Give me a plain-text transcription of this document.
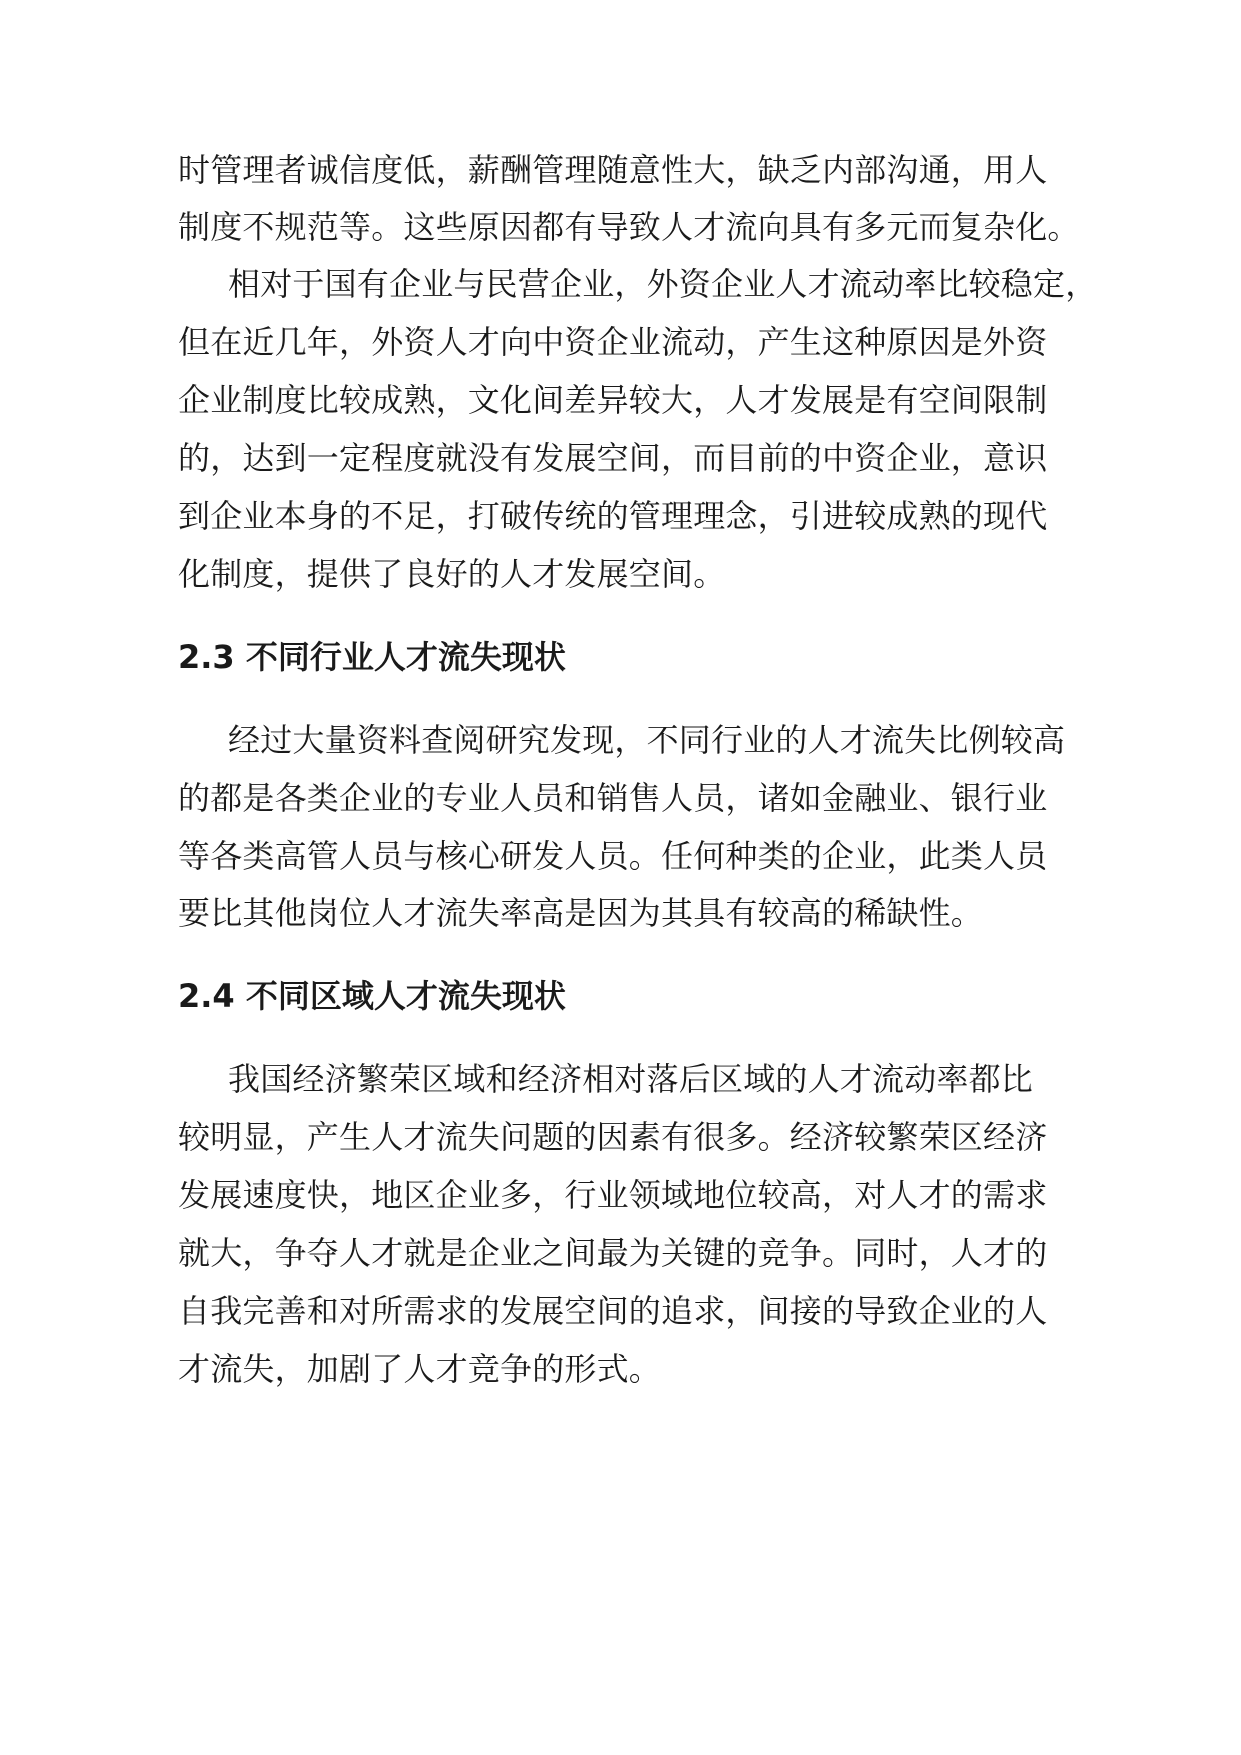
时管理者诚信度低，薪酬管理随意性大，缺乏内部沟通，用人
制度不规范等。这些原因都有导致人才流向具有多元而复杂化。
相对于国有企业与民营企业，外资企业人才流动率比较稳定，
但在近几年，外资人才向中资企业流动，产生这种原因是外资
企业制度比较成熟，文化间差异较大，人才发展是有空间限制
的，达到一定程度就没有发展空间，而目前的中资企业，意识
到企业本身的不足，打破传统的管理理念，引进较成熟的现代
化制度，提供了良好的人才发展空间。
2.3 不同行业人才流失现状
经过大量资料查阅研究发现，不同行业的人才流失比例较高
的都是各类企业的专业人员和销售人员，诸如金融业、银行业
等各类高管人员与核心研发人员。任何种类的企业，此类人员
要比其他岗位人才流失率高是因为其具有较高的稀缺性。
2.4 不同区域人才流失现状
我国经济繁荣区域和经济相对落后区域的人才流动率都比
较明显，产生人才流失问题的因素有很多。经济较繁荣区经济
发展速度快，地区企业多，行业领域地位较高，对人才的需求
就大，争夺人才就是企业之间最为关键的竞争。同时，人才的
自我完善和对所需求的发展空间的追求，间接的导致企业的人
才流失，加剧了人才竞争的形式。
